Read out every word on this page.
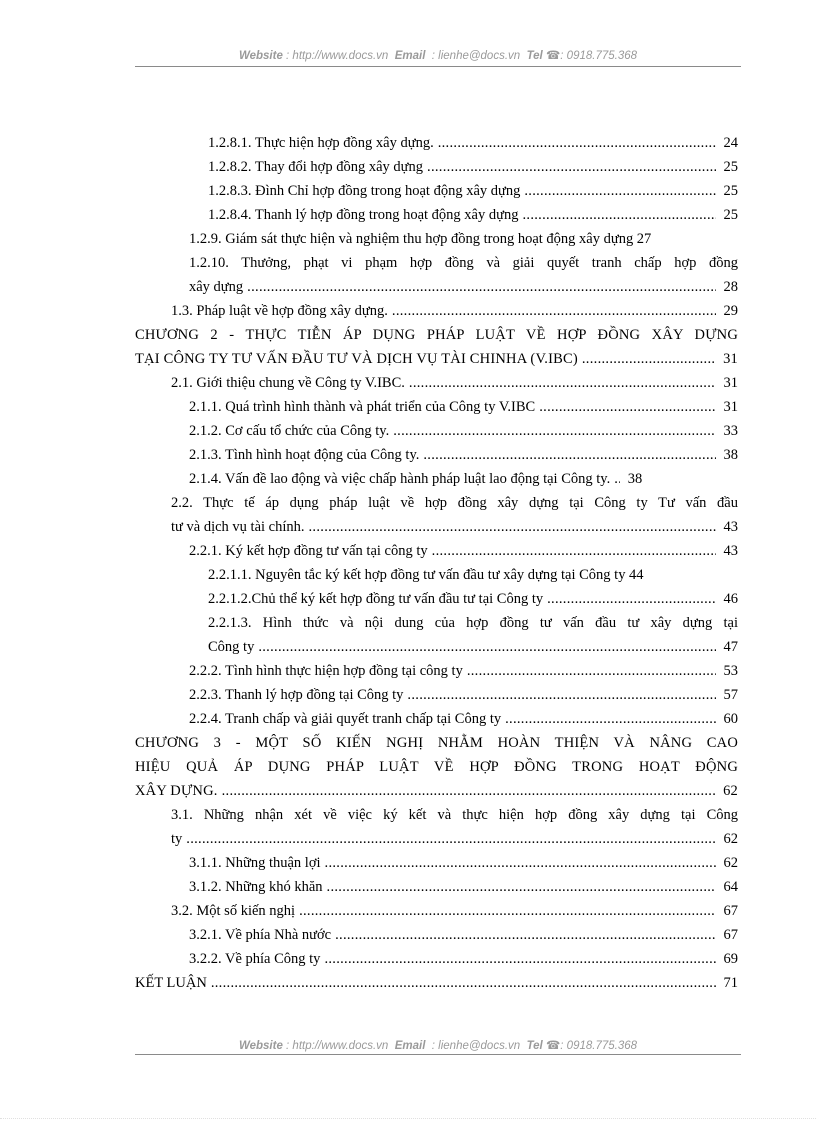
Website : http://www.docs.vn Email : lienhe@docs.vn Tel ☎: 0918.775.368
1.2.8.1. Thực hiện hợp đồng xây dựng. .....	24
1.2.8.2. Thay đổi hợp đồng xây dựng .....	25
1.2.8.3. Đình Chỉ hợp đồng trong hoạt động xây dựng .....	25
1.2.8.4. Thanh lý hợp đồng trong hoạt động xây dựng .....	25
1.2.9. Giám sát thực hiện và nghiệm thu hợp đồng trong hoạt động xây dựng 27
1.2.10. Thưởng, phạt vi phạm hợp đồng và giải quyết tranh chấp hợp đồng
xây dựng .....	28
1.3. Pháp luật về hợp đồng xây dựng. .....	29
CHƯƠNG 2 - THỰC TIỄN ÁP DỤNG PHÁP LUẬT VỀ HỢP ĐỒNG XÂY DỰNG
TẠI CÔNG TY TƯ VẤN ĐẦU TƯ VÀ DỊCH VỤ TÀI CHINHA (V.IBC) .....	31
2.1. Giới thiệu chung về Công ty V.IBC. .....	31
2.1.1. Quá trình hình thành và phát triển của Công ty V.IBC .....	31
2.1.2. Cơ cấu tổ chức của Công ty. .....	33
2.1.3. Tình hình hoạt động của Công ty. .....	38
2.1.4. Vấn đề lao động và việc chấp hành pháp luật lao động tại Công ty. ..... 38
2.2. Thực tế áp dụng pháp luật về hợp đồng xây dựng tại Công ty Tư vấn đầu
tư và dịch vụ tài chính. .....	43
2.2.1. Ký kết hợp đồng tư vấn tại công ty .....	43
2.2.1.1. Nguyên tắc ký kết hợp đồng tư vấn đầu tư xây dựng tại Công ty 44
2.2.1.2.Chủ thể ký kết hợp đồng tư vấn đầu tư tại Công ty .....	46
2.2.1.3. Hình thức và nội dung của hợp đồng tư vấn đầu tư xây dựng tại
Công ty .....	47
2.2.2. Tình hình thực hiện hợp đồng tại công ty .....	53
2.2.3. Thanh lý hợp đồng tại Công ty .....	57
2.2.4. Tranh chấp và giải quyết tranh chấp tại Công ty .....	60
CHƯƠNG 3 - MỘT SỐ KIẾN NGHỊ NHẰM HOÀN THIỆN VÀ NÂNG CAO
HIỆU QUẢ ÁP DỤNG PHÁP LUẬT VỀ HỢP ĐỒNG TRONG HOẠT ĐỘNG
XÂY DỰNG. .....	62
3.1. Những nhận xét về việc ký kết và thực hiện hợp đồng xây dựng tại Công
ty .....	62
3.1.1. Những thuận lợi .....	62
3.1.2. Những khó khăn .....	64
3.2. Một số kiến nghị .....	67
3.2.1. Về phía Nhà nước .....	67
3.2.2. Về phía Công ty .....	69
KẾT LUẬN .....	71
Website : http://www.docs.vn Email : lienhe@docs.vn Tel ☎: 0918.775.368
